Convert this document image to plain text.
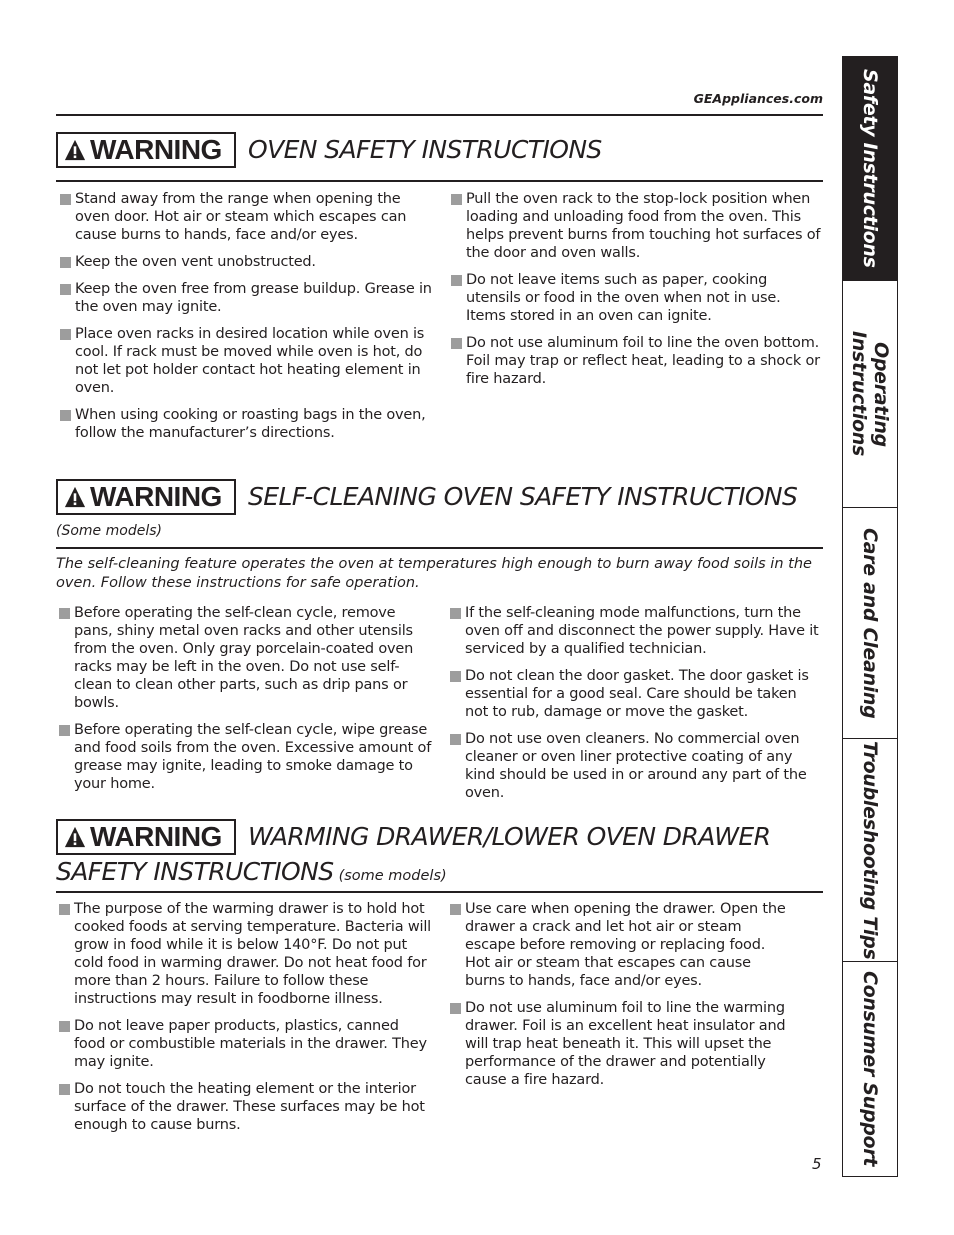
GEAppliances.com
WARNING OVEN SAFETY INSTRUCTIONS
Stand away from the range when opening the oven door. Hot air or steam which escapes can cause burns to hands, face and/or eyes.
Keep the oven vent unobstructed.
Keep the oven free from grease buildup. Grease in the oven may ignite.
Place oven racks in desired location while oven is cool. If rack must be moved while oven is hot, do not let pot holder contact hot heating element in oven.
When using cooking or roasting bags in the oven, follow the manufacturer’s directions.
Pull the oven rack to the stop-lock position when loading and unloading food from the oven. This helps prevent burns from touching hot surfaces of the door and oven walls.
Do not leave items such as paper, cooking utensils or food in the oven when not in use. Items stored in an oven can ignite.
Do not use aluminum foil to line the oven bottom. Foil may trap or reflect heat, leading to a shock or fire hazard.
WARNING SELF-CLEANING OVEN SAFETY INSTRUCTIONS
(Some models)
The self-cleaning feature operates the oven at temperatures high enough to burn away food soils in the oven. Follow these instructions for safe operation.
Before operating the self-clean cycle, remove pans, shiny metal oven racks and other utensils from the oven. Only gray porcelain-coated oven racks may be left in the oven. Do not use self-clean to clean other parts, such as drip pans or bowls.
Before operating the self-clean cycle, wipe grease and food soils from the oven. Excessive amount of grease may ignite, leading to smoke damage to your home.
If the self-cleaning mode malfunctions, turn the oven off and disconnect the power supply. Have it serviced by a qualified technician.
Do not clean the door gasket. The door gasket is essential for a good seal. Care should be taken not to rub, damage or move the gasket.
Do not use oven cleaners. No commercial oven cleaner or oven liner protective coating of any kind should be used in or around any part of the oven.
WARNING WARMING DRAWER/LOWER OVEN DRAWER
SAFETY INSTRUCTIONS (some models)
The purpose of the warming drawer is to hold hot cooked foods at serving temperature. Bacteria will grow in food while it is below 140°F. Do not put cold food in warming drawer. Do not heat food for more than 2 hours. Failure to follow these instructions may result in foodborne illness.
Do not leave paper products, plastics, canned food or combustible materials in the drawer. They may ignite.
Do not touch the heating element or the interior surface of the drawer. These surfaces may be hot enough to cause burns.
Use care when opening the drawer. Open the drawer a crack and let hot air or steam escape before removing or replacing food. Hot air or steam that escapes can cause burns to hands, face and/or eyes.
Do not use aluminum foil to line the warming drawer. Foil is an excellent heat insulator and will trap heat beneath it. This will upset the performance of the drawer and potentially cause a fire hazard.
5
Safety Instructions
Operating
Instructions
Care and Cleaning
Troubleshooting Tips
Consumer Support
